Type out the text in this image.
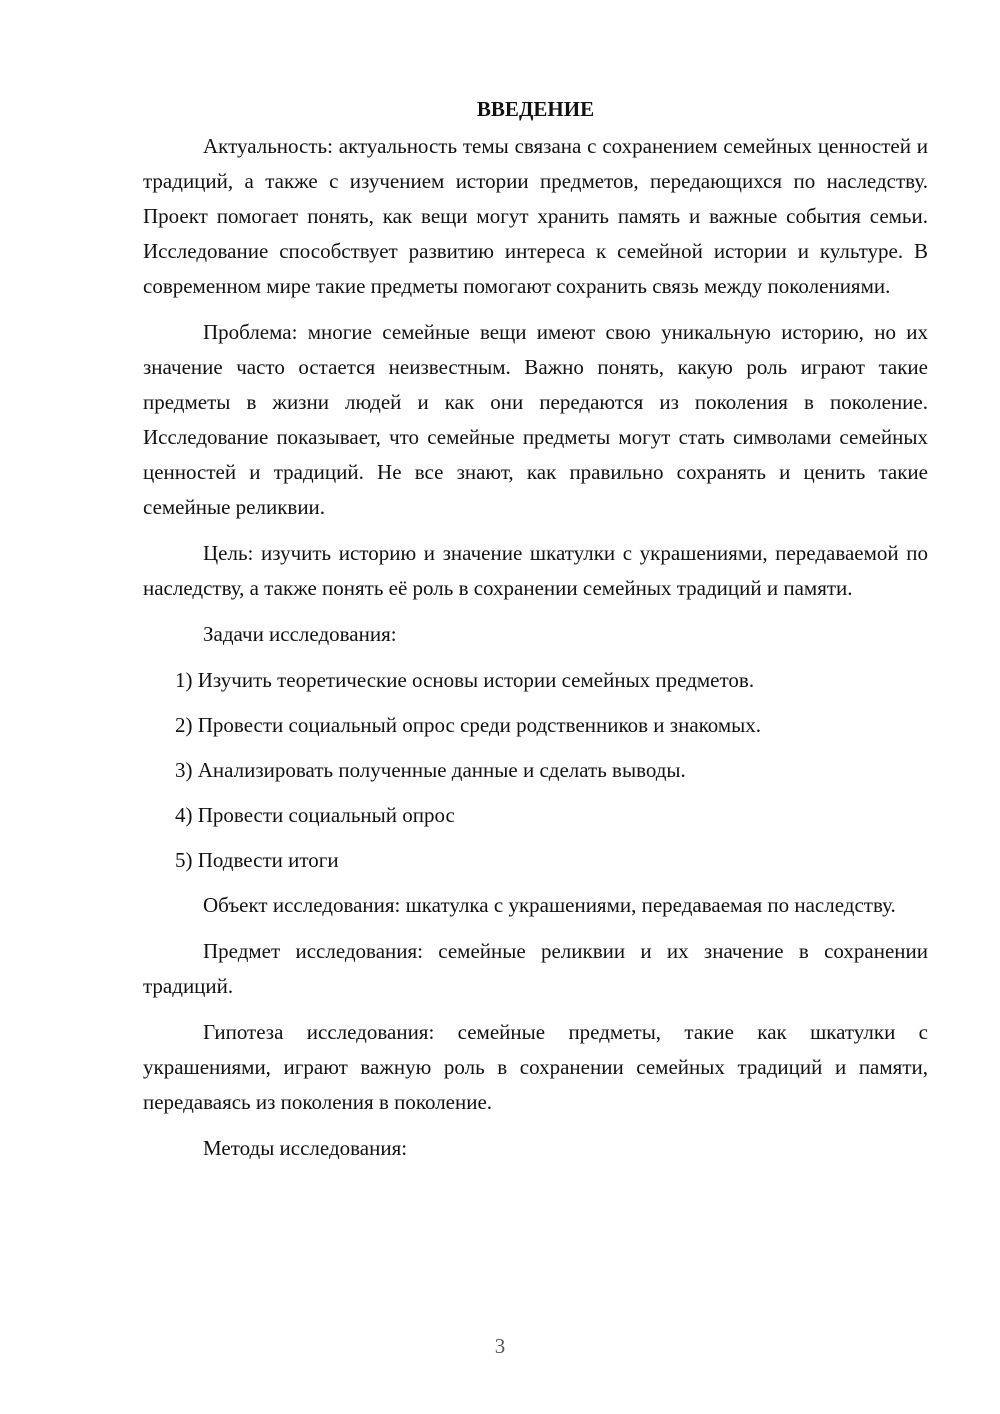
ВВЕДЕНИЕ

Актуальность: актуальность темы связана с сохранением семейных ценностей и традиций, а также с изучением истории предметов, передающихся по наследству. Проект помогает понять, как вещи могут хранить память и важные события семьи. Исследование способствует развитию интереса к семейной истории и культуре. В современном мире такие предметы помогают сохранить связь между поколениями.

Проблема: многие семейные вещи имеют свою уникальную историю, но их значение часто остается неизвестным. Важно понять, какую роль играют такие предметы в жизни людей и как они передаются из поколения в поколение. Исследование показывает, что семейные предметы могут стать символами семейных ценностей и традиций. Не все знают, как правильно сохранять и ценить такие семейные реликвии.

Цель: изучить историю и значение шкатулки с украшениями, передаваемой по наследству, а также понять её роль в сохранении семейных традиций и памяти.

Задачи исследования:

1) Изучить теоретические основы истории семейных предметов.
2) Провести социальный опрос среди родственников и знакомых.
3) Анализировать полученные данные и сделать выводы.
4) Провести социальный опрос
5) Подвести итоги

Объект исследования: шкатулка с украшениями, передаваемая по наследству.

Предмет исследования: семейные реликвии и их значение в сохранении традиций.

Гипотеза исследования: семейные предметы, такие как шкатулки с украшениями, играют важную роль в сохранении семейных традиций и памяти, передаваясь из поколения в поколение.

Методы исследования:

3
